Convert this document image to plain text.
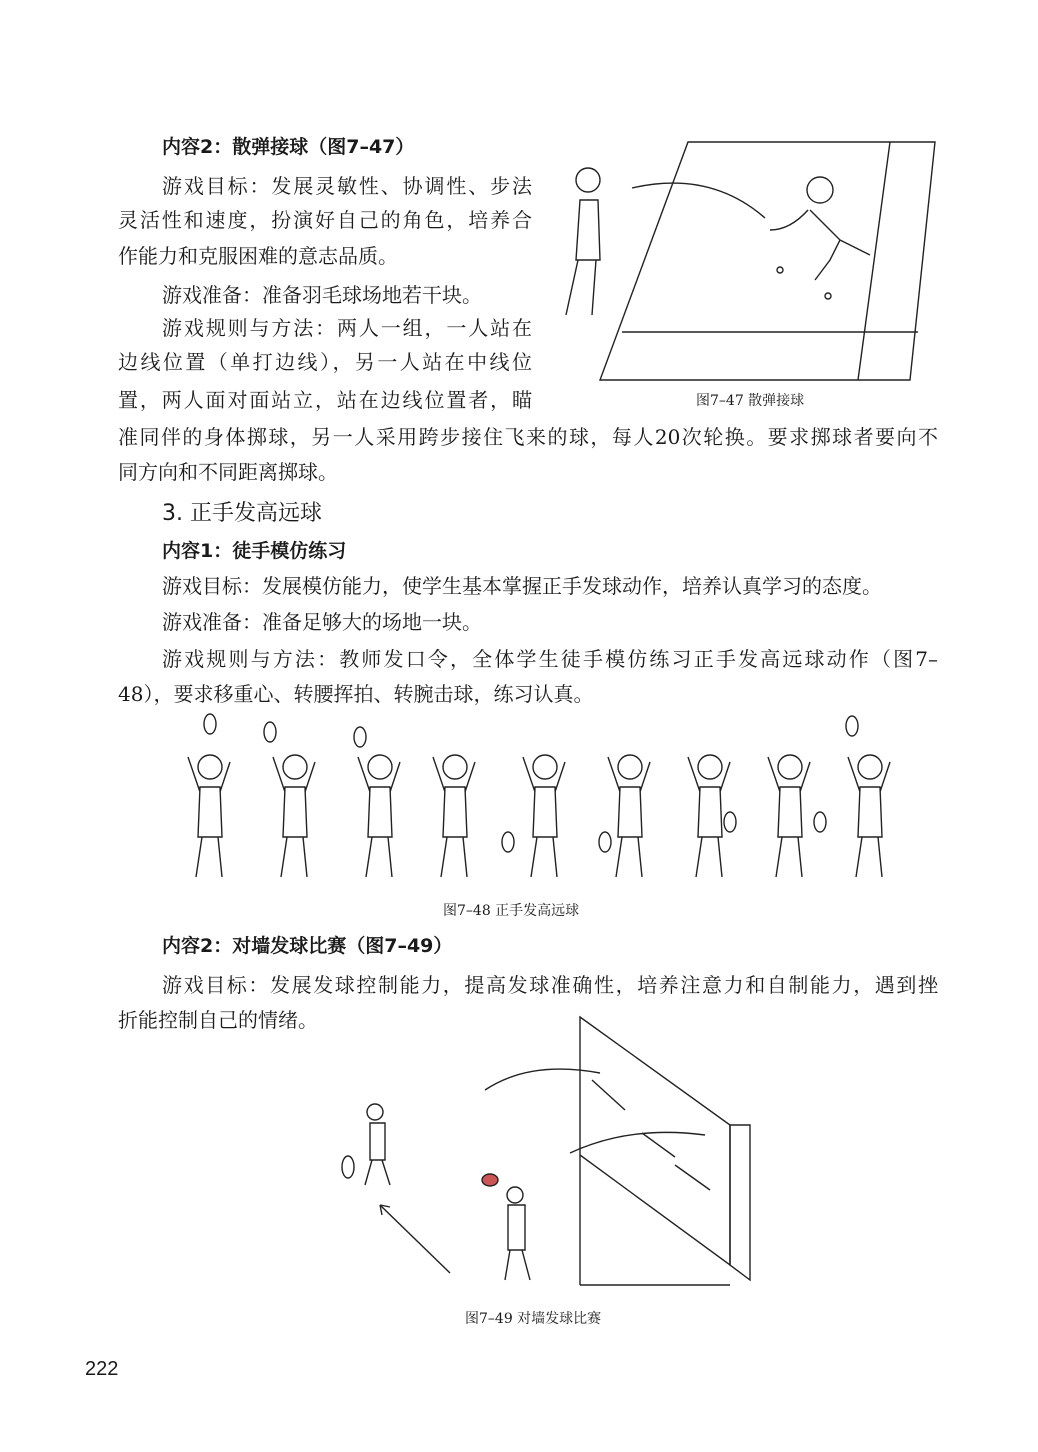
内容2：散弹接球（图7–47）
游戏目标：发展灵敏性、协调性、步法
灵活性和速度，扮演好自己的角色，培养合
作能力和克服困难的意志品质。
游戏准备：准备羽毛球场地若干块。
游戏规则与方法：两人一组，一人站在
边线位置（单打边线），另一人站在中线位
置，两人面对面站立，站在边线位置者，瞄
准同伴的身体掷球，另一人采用跨步接住飞来的球，每人20次轮换。要求掷球者要向不
同方向和不同距离掷球。
图7–47 散弹接球
3. 正手发高远球
内容1：徒手模仿练习
游戏目标：发展模仿能力，使学生基本掌握正手发球动作，培养认真学习的态度。
游戏准备：准备足够大的场地一块。
游戏规则与方法：教师发口令，全体学生徒手模仿练习正手发高远球动作（图7–
48），要求移重心、转腰挥拍、转腕击球，练习认真。
图7–48 正手发高远球
内容2：对墙发球比赛（图7–49）
游戏目标：发展发球控制能力，提高发球准确性，培养注意力和自制能力，遇到挫
折能控制自己的情绪。
图7–49 对墙发球比赛
222
